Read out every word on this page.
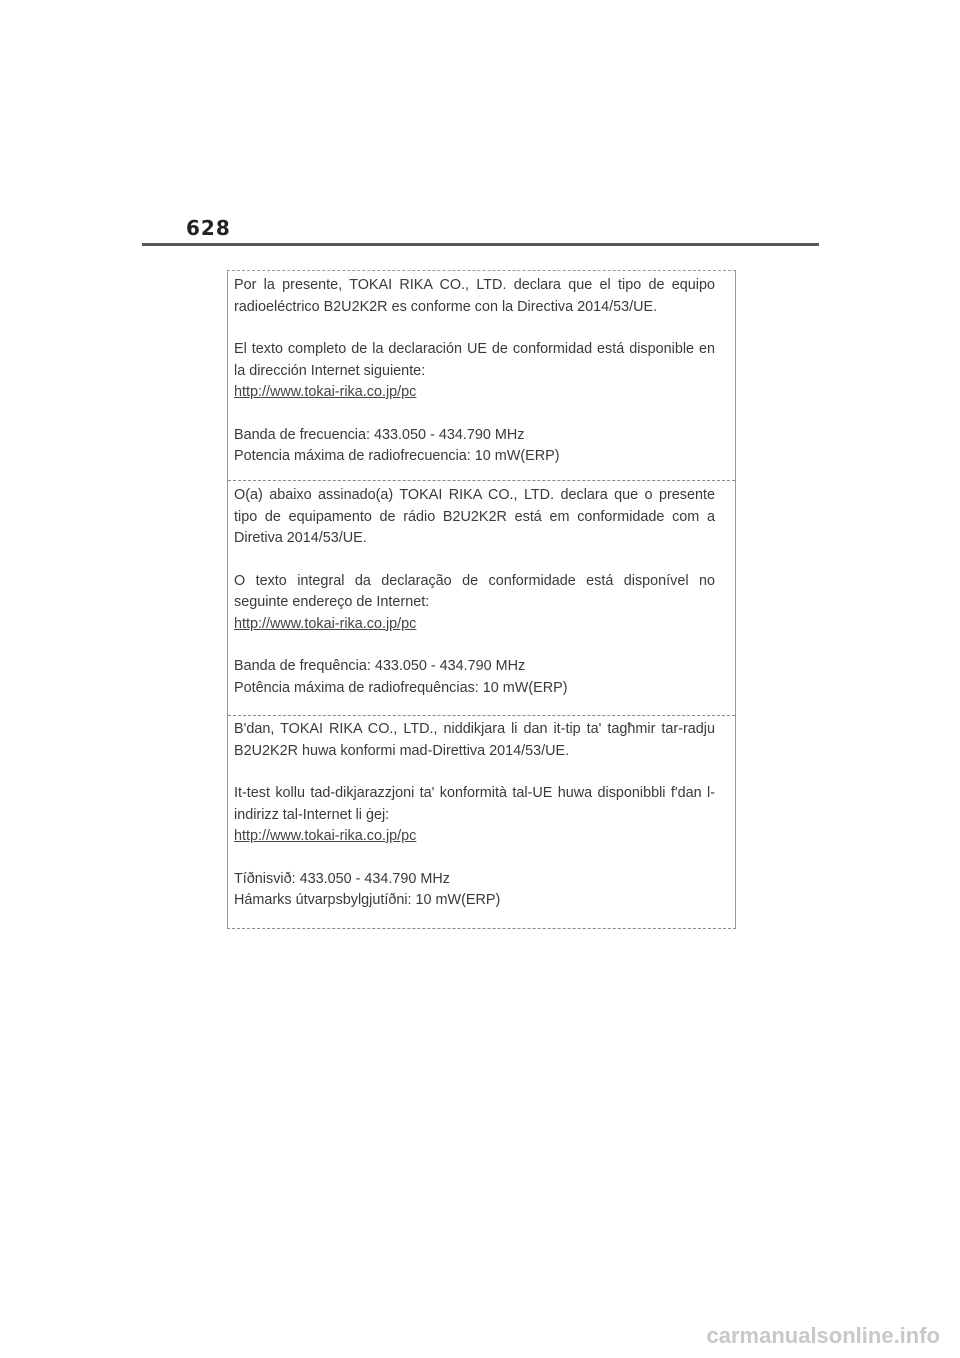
628

Por la presente, TOKAI RIKA CO., LTD. declara que el tipo de equipo radioeléctrico B2U2K2R es conforme con la Directiva 2014/53/UE.

El texto completo de la declaración UE de conformidad está disponible en la dirección Internet siguiente:

http://www.tokai-rika.co.jp/pc

Banda de frecuencia: 433.050 - 434.790 MHz

Potencia máxima de radiofrecuencia: 10 mW(ERP)

O(a) abaixo assinado(a) TOKAI RIKA CO., LTD. declara que o presente tipo de equipamento de rádio B2U2K2R está em conformidade com a Diretiva 2014/53/UE.

O texto integral da declaração de conformidade está disponível no seguinte endereço de Internet:

http://www.tokai-rika.co.jp/pc

Banda de frequência: 433.050 - 434.790 MHz

Potência máxima de radiofrequências: 10 mW(ERP)

B'dan, TOKAI RIKA CO., LTD., niddikjara li dan it-tip ta' tagħmir tar-radju B2U2K2R huwa konformi mad-Direttiva 2014/53/UE.

It-test kollu tad-dikjarazzjoni ta' konformità tal-UE huwa disponibbli f'dan l-indirizz tal-Internet li ġej:

http://www.tokai-rika.co.jp/pc

Tíðnisvið: 433.050 - 434.790 MHz

Hámarks útvarpsbylgjutíðni: 10 mW(ERP)

carmanualsonline.info
